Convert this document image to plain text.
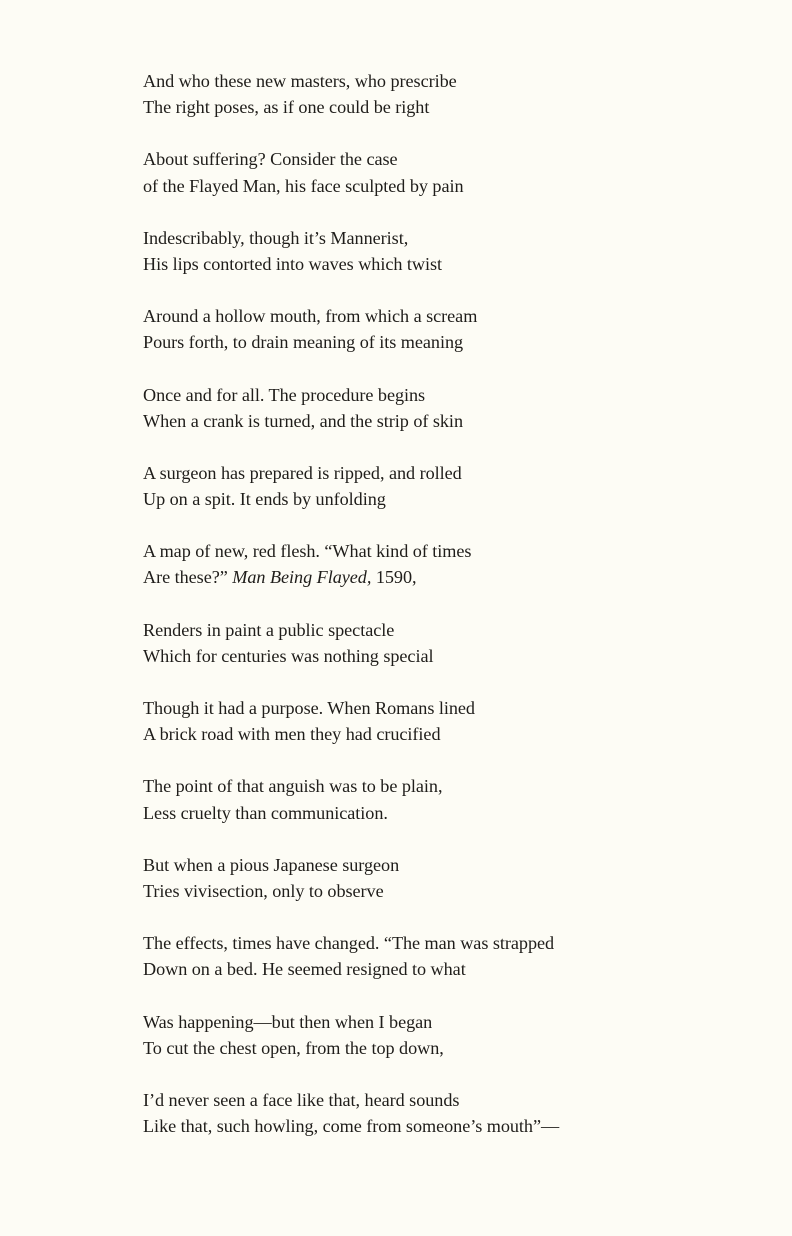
And who these new masters, who prescribe
The right poses, as if one could be right
About suffering? Consider the case
of the Flayed Man, his face sculpted by pain
Indescribably, though it’s Mannerist,
His lips contorted into waves which twist
Around a hollow mouth, from which a scream
Pours forth, to drain meaning of its meaning
Once and for all. The procedure begins
When a crank is turned, and the strip of skin
A surgeon has prepared is ripped, and rolled
Up on a spit. It ends by unfolding
A map of new, red flesh. “What kind of times
Are these?” Man Being Flayed, 1590,
Renders in paint a public spectacle
Which for centuries was nothing special
Though it had a purpose. When Romans lined
A brick road with men they had crucified
The point of that anguish was to be plain,
Less cruelty than communication.
But when a pious Japanese surgeon
Tries vivisection, only to observe
The effects, times have changed. “The man was strapped
Down on a bed. He seemed resigned to what
Was happening—but then when I began
To cut the chest open, from the top down,
I’d never seen a face like that, heard sounds
Like that, such howling, come from someone’s mouth”—
